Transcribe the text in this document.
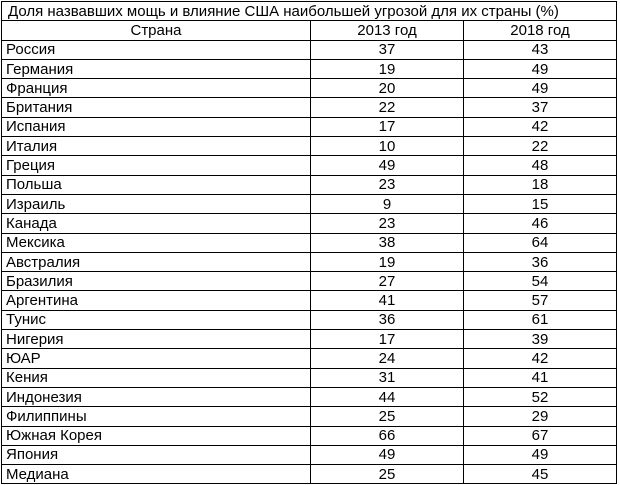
Доля назвавших мощь и влияние США наибольшей угрозой для их страны (%)		
Страна	2013 год	2018 год
Россия	37	43
Германия	19	49
Франция	20	49
Британия	22	37
Испания	17	42
Италия	10	22
Греция	49	48
Польша	23	18
Израиль	9	15
Канада	23	46
Мексика	38	64
Австралия	19	36
Бразилия	27	54
Аргентина	41	57
Тунис	36	61
Нигерия	17	39
ЮАР	24	42
Кения	31	41
Индонезия	44	52
Филиппины	25	29
Южная Корея	66	67
Япония	49	49
Медиана	25	45
